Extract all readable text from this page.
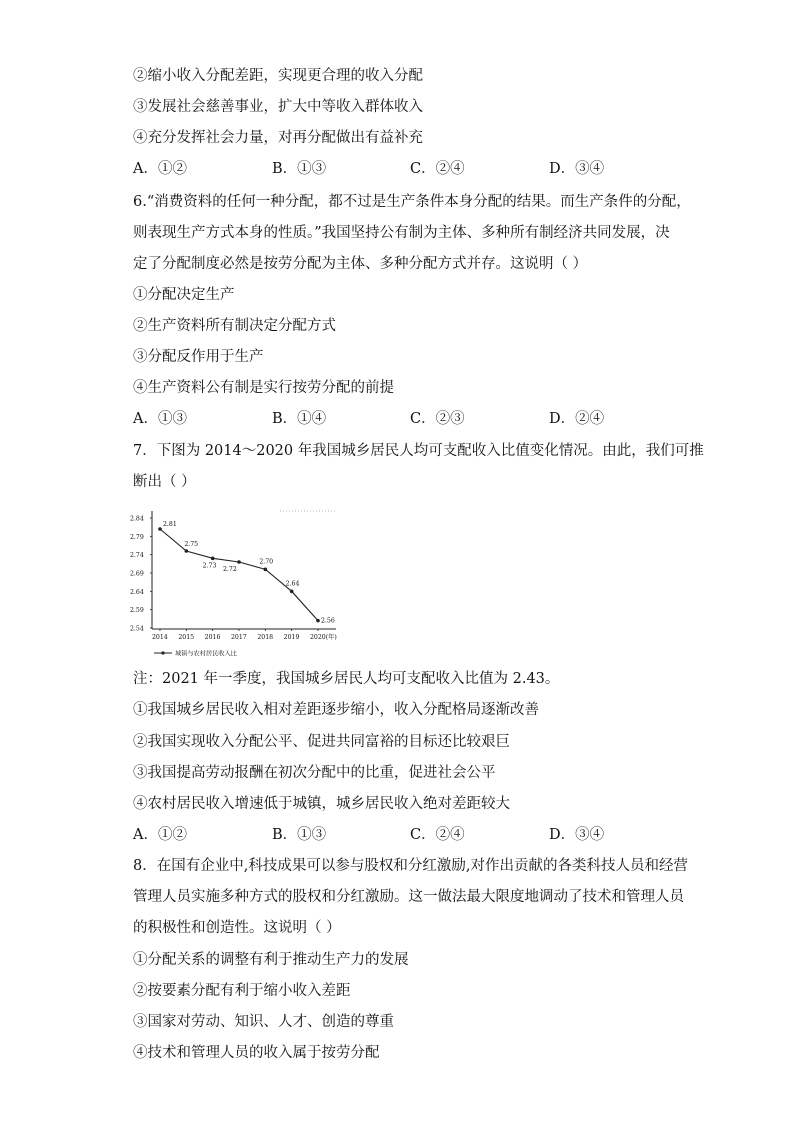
②缩小收入分配差距，实现更合理的收入分配
③发展社会慈善事业，扩大中等收入群体收入
④充分发挥社会力量，对再分配做出有益补充
A．①②	B．①③	C．②④	D．③④
6.“消费资料的任何一种分配，都不过是生产条件本身分配的结果。而生产条件的分配，
则表现生产方式本身的性质。”我国坚持公有制为主体、多种所有制经济共同发展，决
定了分配制度必然是按劳分配为主体、多种分配方式并存。这说明（ ）
①分配决定生产
②生产资料所有制决定分配方式
③分配反作用于生产
④生产资料公有制是实行按劳分配的前提
A．①③	B．①④	C．②③	D．②④
7．下图为 2014～2020 年我国城乡居民人均可支配收入比值变化情况。由此，我们可推
断出（ ）
2.84
2.79
2.74
2.69
2.64
2.59
2.54
2014 2015 2016 2017 2018 2019 2020(年)
2.81
2.75
2.73
2.72
2.70
2.64
2.56
城镇与农村居民收入比
注：2021 年一季度，我国城乡居民人均可支配收入比值为 2.43。
①我国城乡居民收入相对差距逐步缩小，收入分配格局逐渐改善
②我国实现收入分配公平、促进共同富裕的目标还比较艰巨
③我国提高劳动报酬在初次分配中的比重，促进社会公平
④农村居民收入增速低于城镇，城乡居民收入绝对差距较大
A．①②	B．①③	C．②④	D．③④
8．在国有企业中,科技成果可以参与股权和分红激励,对作出贡献的各类科技人员和经营
管理人员实施多种方式的股权和分红激励。这一做法最大限度地调动了技术和管理人员
的积极性和创造性。这说明（ ）
①分配关系的调整有利于推动生产力的发展
②按要素分配有利于缩小收入差距
③国家对劳动、知识、人才、创造的尊重
④技术和管理人员的收入属于按劳分配
